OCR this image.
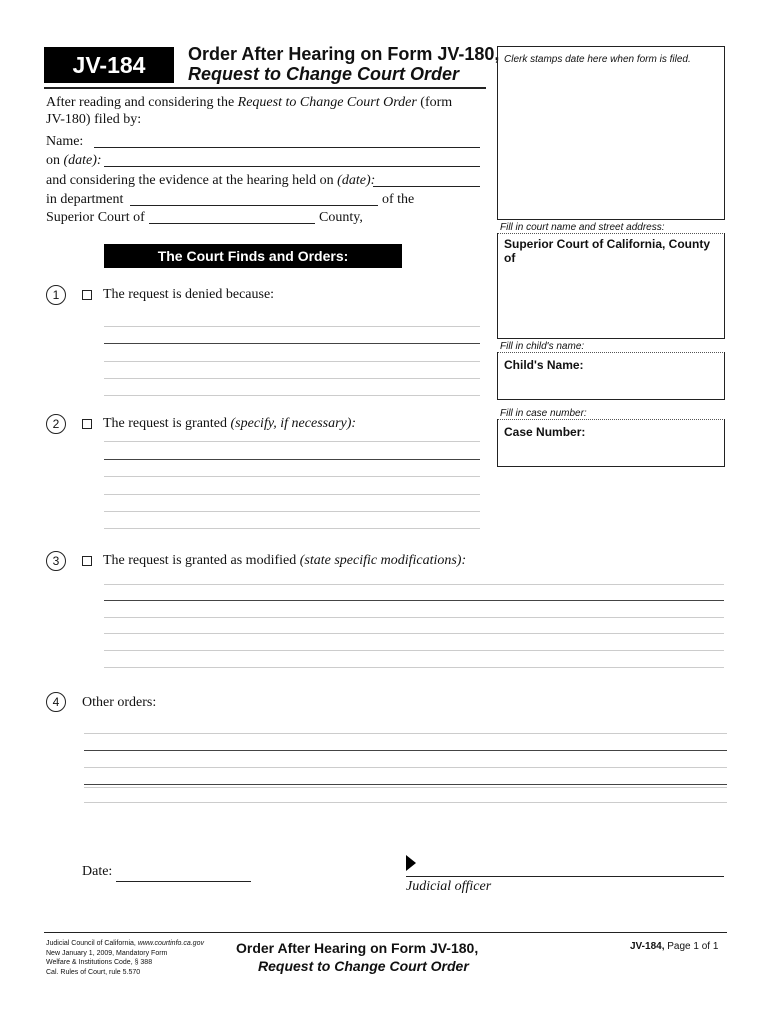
JV-184	Order After Hearing on Form JV-180,
Request to Change Court Order
Clerk stamps date here when form is filed.
After reading and considering the Request to Change Court Order (form
JV-180) filed by:
Name:
on (date):
and considering the evidence at the hearing held on (date):
in department	of the
Superior Court of	County,
Fill in court name and street address:
Superior Court of California, County of
Fill in child's name:
Child's Name:
Fill in case number:
Case Number:
The Court Finds and Orders:
1	The request is denied because:
2	The request is granted (specify, if necessary):
3	The request is granted as modified (state specific modifications):
4	Other orders:
Date:
Judicial officer
Judicial Council of California, www.courtinfo.ca.gov
New January 1, 2009, Mandatory Form
Welfare & Institutions Code, § 388
Cal. Rules of Court, rule 5.570
Order After Hearing on Form JV-180,
Request to Change Court Order
JV-184, Page 1 of 1
